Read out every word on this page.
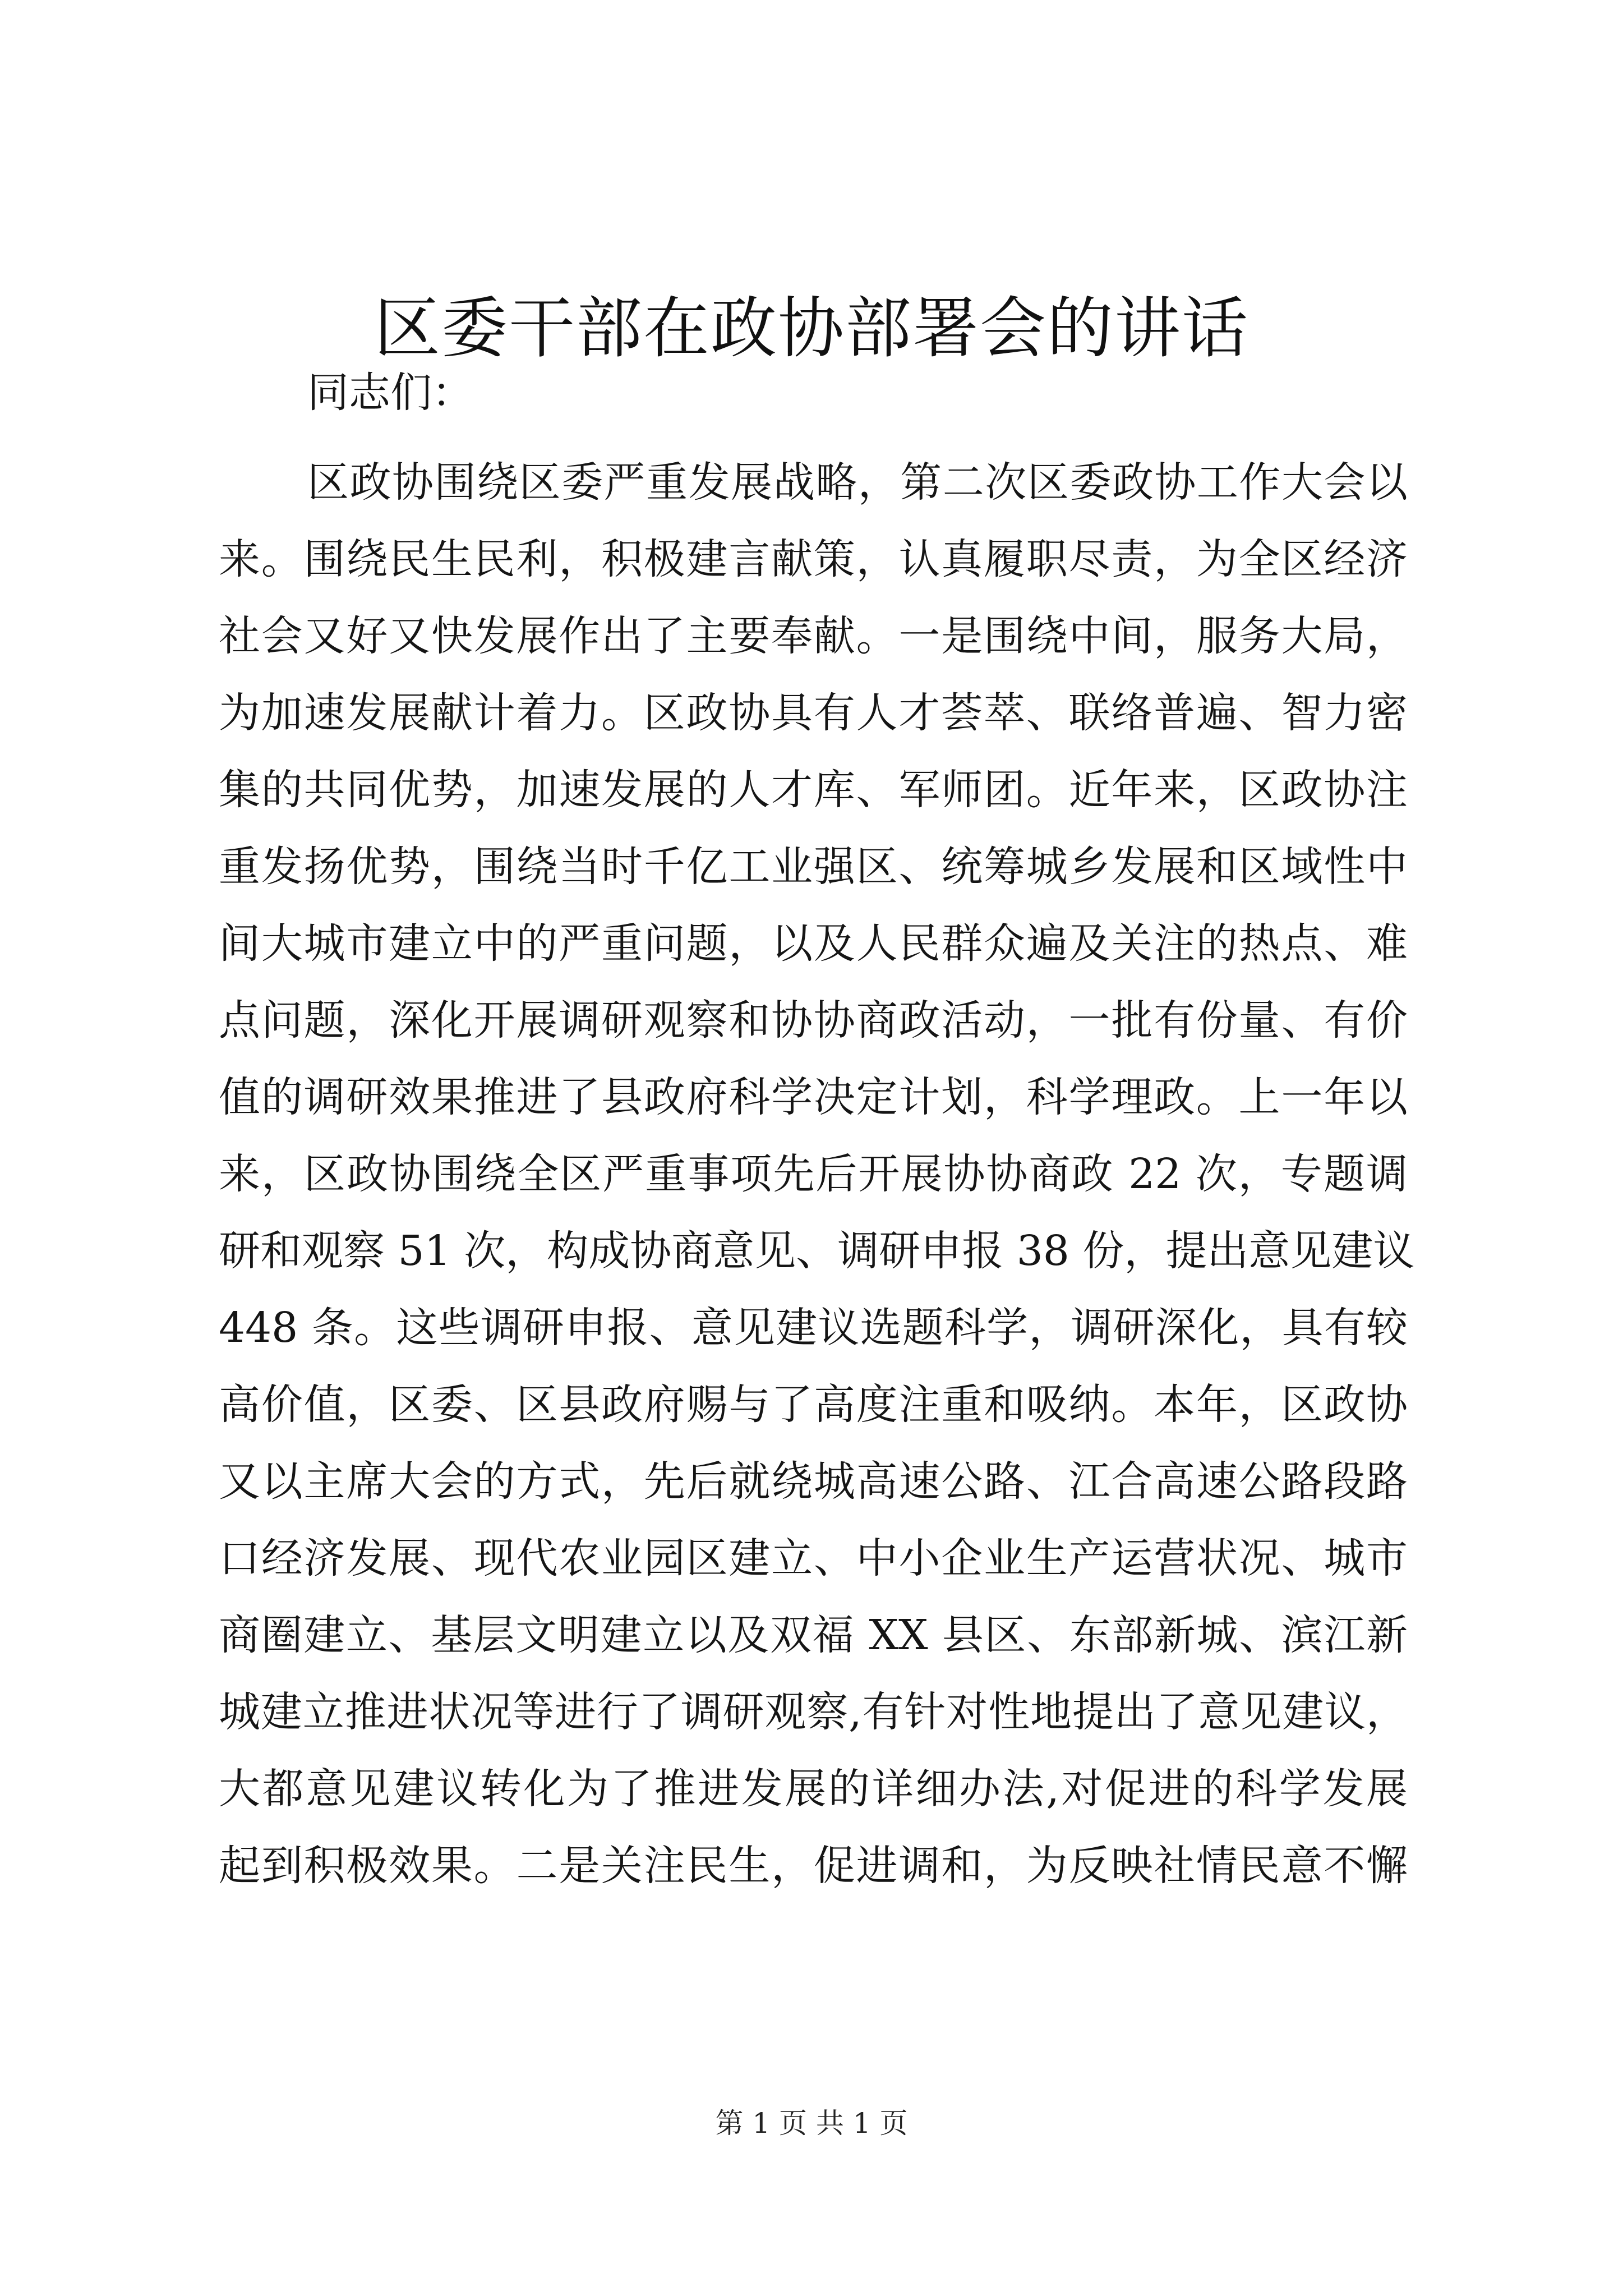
区委干部在政协部署会的讲话
同志们：
区政协围绕区委严重发展战略，第二次区委政协工作大会以
来。围绕民生民利，积极建言献策，认真履职尽责，为全区经济
社会又好又快发展作出了主要奉献。一是围绕中间，服务大局，
为加速发展献计着力。区政协具有人才荟萃、联络普遍、智力密
集的共同优势，加速发展的人才库、军师团。近年来，区政协注
重发扬优势，围绕当时千亿工业强区、统筹城乡发展和区域性中
间大城市建立中的严重问题，以及人民群众遍及关注的热点、难
点问题，深化开展调研观察和协协商政活动，一批有份量、有价
值的调研效果推进了县政府科学决定计划，科学理政。上一年以
来，区政协围绕全区严重事项先后开展协协商政 22 次，专题调
研和观察 51 次，构成协商意见、调研申报 38 份，提出意见建议
448 条。这些调研申报、意见建议选题科学，调研深化，具有较
高价值，区委、区县政府赐与了高度注重和吸纳。本年，区政协
又以主席大会的方式，先后就绕城高速公路、江合高速公路段路
口经济发展、现代农业园区建立、中小企业生产运营状况、城市
商圈建立、基层文明建立以及双福 XX 县区、东部新城、滨江新
城建立推进状况等进行了调研观察,有针对性地提出了意见建议，
大都意见建议转化为了推进发展的详细办法,对促进的科学发展
起到积极效果。二是关注民生，促进调和，为反映社情民意不懈
第 1 页 共 1 页
